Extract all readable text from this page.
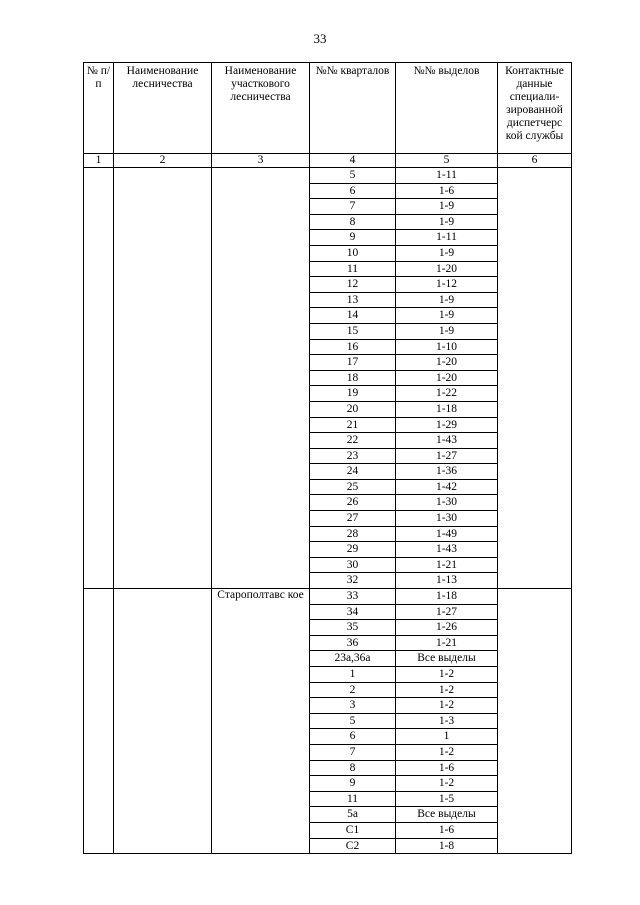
33
№ п/п	Наименование лесничества	Наименование участкового лесничества	№№ кварталов	№№ выделов	Контактные данные специали-зированной диспетчерс кой службы
1	2	3	4	5	6
			5	1-11	
			6	1-6	
			7	1-9	
			8	1-9	
			9	1-11	
			10	1-9	
			11	1-20	
			12	1-12	
			13	1-9	
			14	1-9	
			15	1-9	
			16	1-10	
			17	1-20	
			18	1-20	
			19	1-22	
			20	1-18	
			21	1-29	
			22	1-43	
			23	1-27	
			24	1-36	
			25	1-42	
			26	1-30	
			27	1-30	
			28	1-49	
			29	1-43	
			30	1-21	
			32	1-13	
		Старополтавс кое	33	1-18	
			34	1-27	
			35	1-26	
			36	1-21	
			23а,36а	Все выделы	
			1	1-2	
			2	1-2	
			3	1-2	
			5	1-3	
			6	1	
			7	1-2	
			8	1-6	
			9	1-2	
			11	1-5	
			5а	Все выделы	
			С1	1-6	
			С2	1-8	
